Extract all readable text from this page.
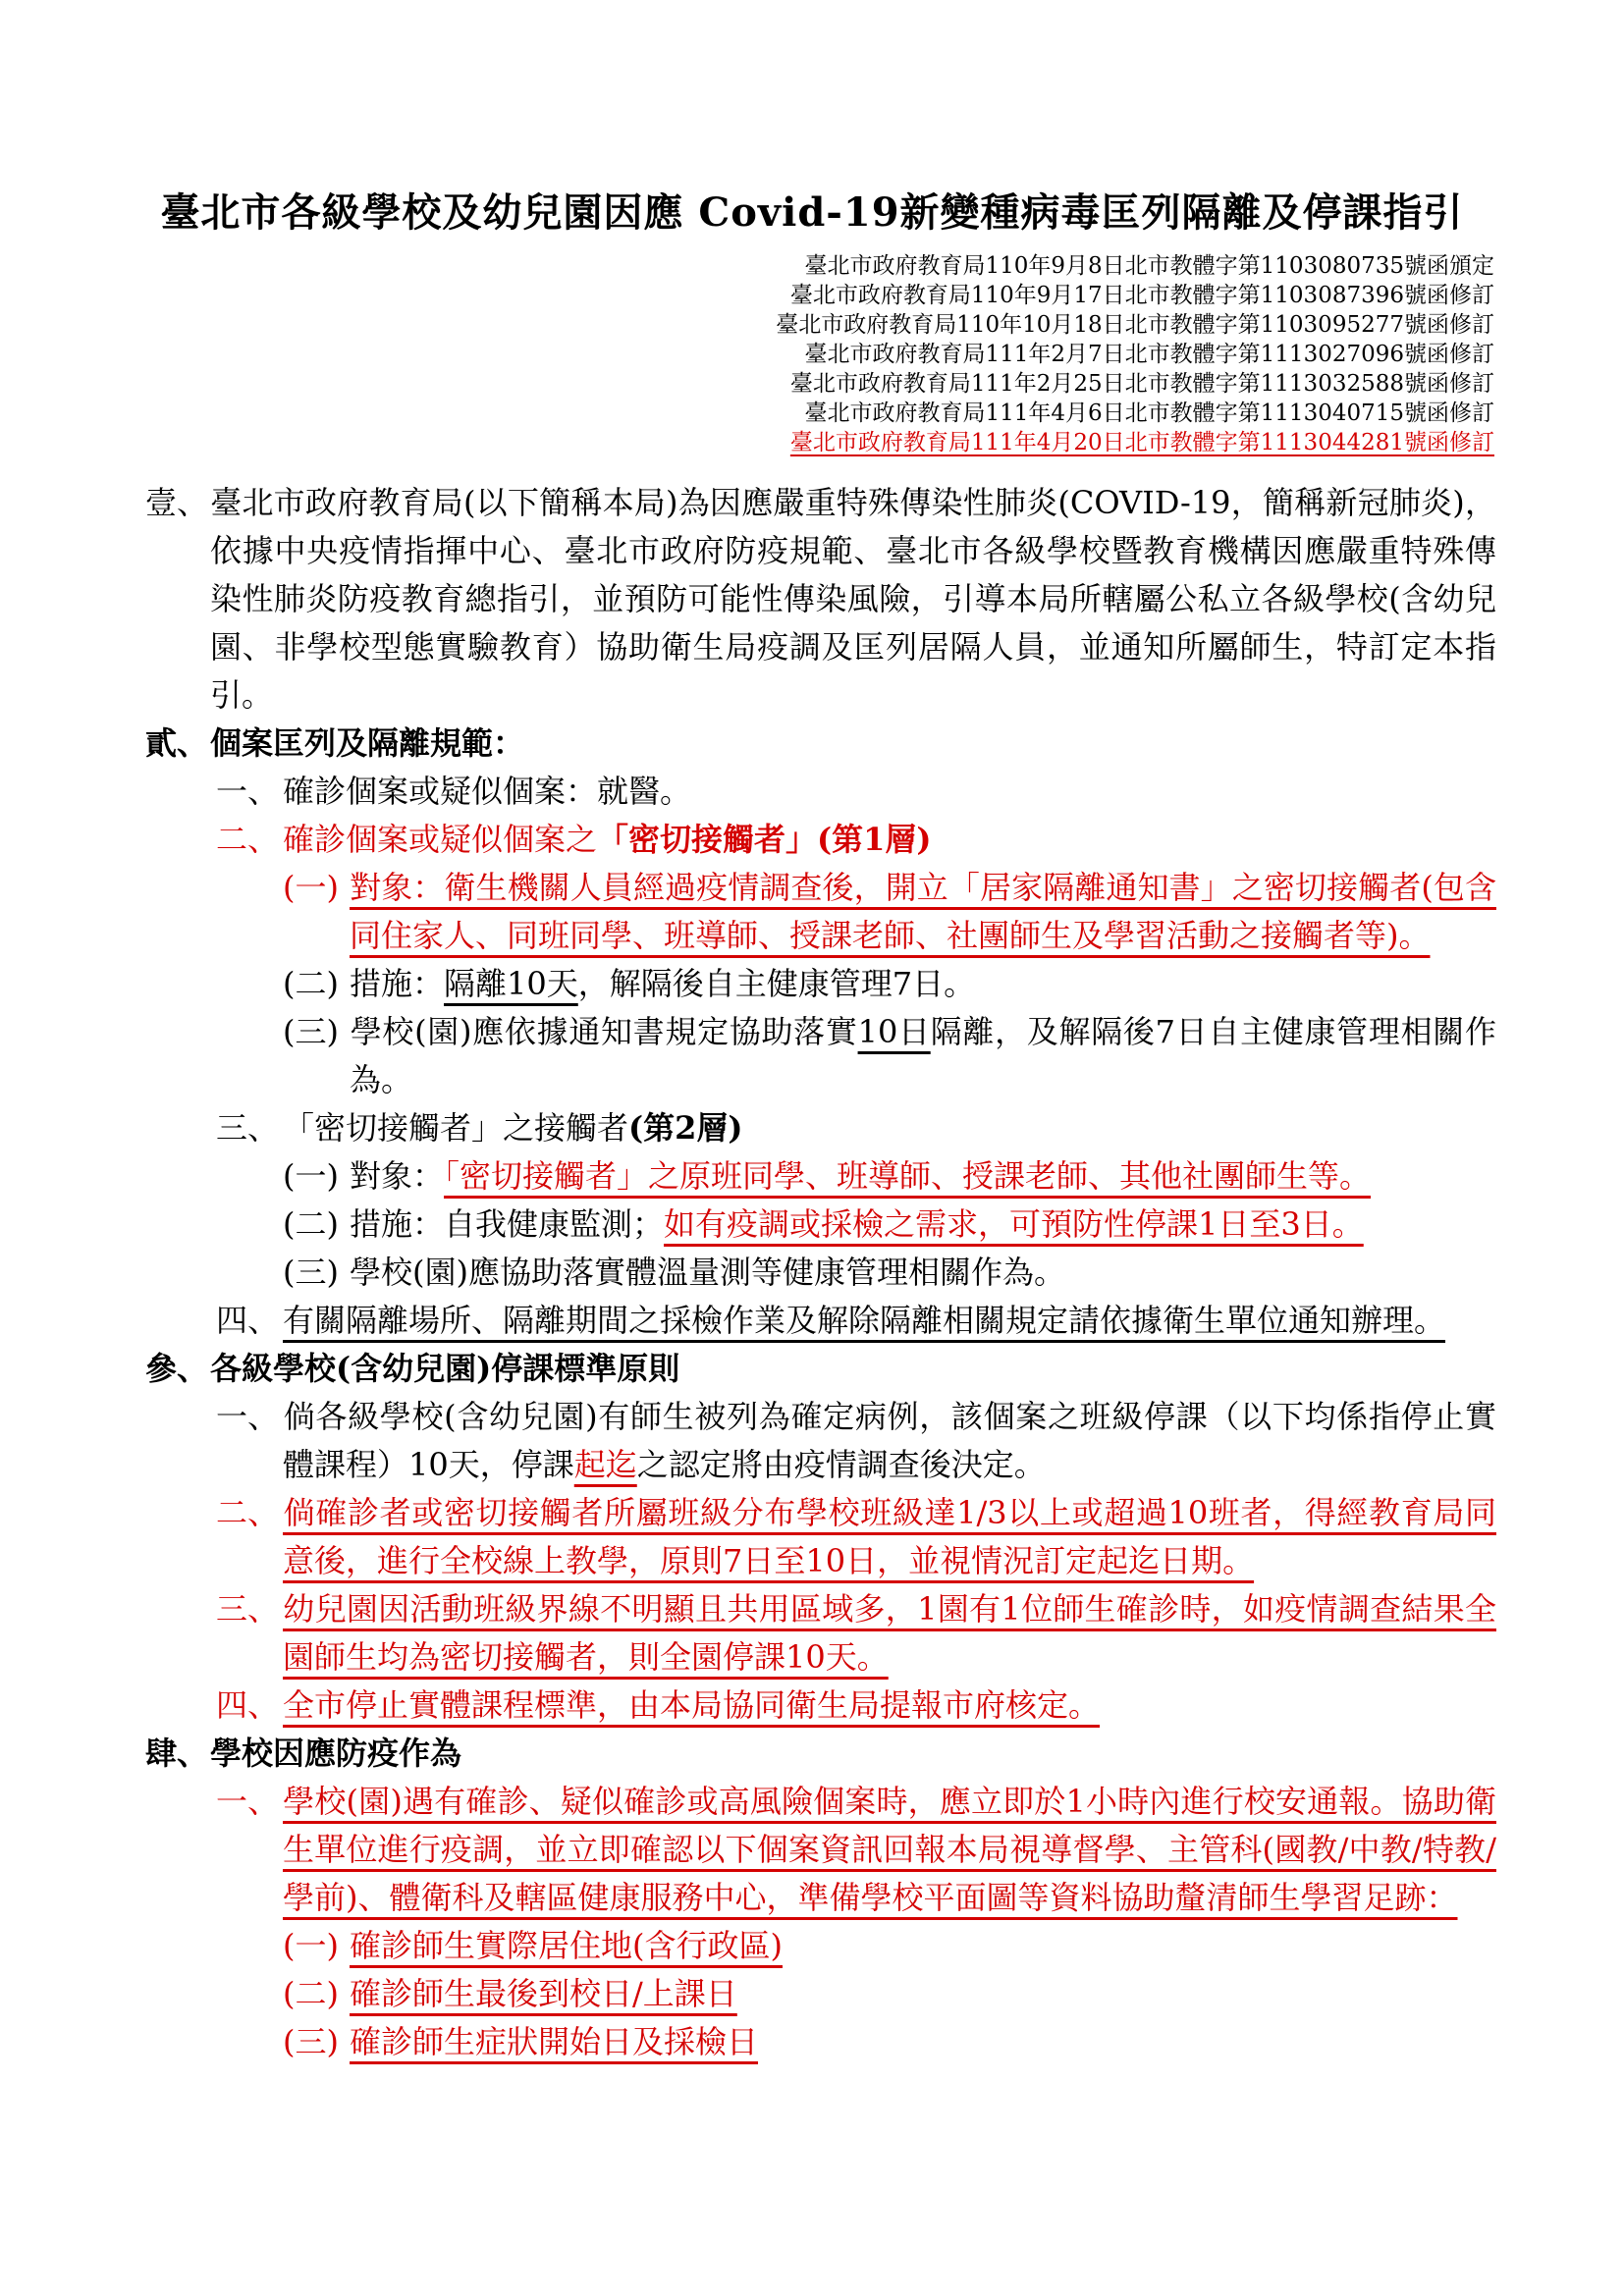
臺北市各級學校及幼兒園因應 Covid-19新變種病毒匡列隔離及停課指引
臺北市政府教育局110年9月8日北市教體字第1103080735號函頒定
臺北市政府教育局110年9月17日北市教體字第1103087396號函修訂
臺北市政府教育局110年10月18日北市教體字第1103095277號函修訂
臺北市政府教育局111年2月7日北市教體字第1113027096號函修訂
臺北市政府教育局111年2月25日北市教體字第1113032588號函修訂
臺北市政府教育局111年4月6日北市教體字第1113040715號函修訂
臺北市政府教育局111年4月20日北市教體字第1113044281號函修訂
壹、臺北市政府教育局(以下簡稱本局)為因應嚴重特殊傳染性肺炎(COVID-19，簡稱新冠肺炎)，依據中央疫情指揮中心、臺北市政府防疫規範、臺北市各級學校暨教育機構因應嚴重特殊傳染性肺炎防疫教育總指引，並預防可能性傳染風險，引導本局所轄屬公私立各級學校(含幼兒園、非學校型態實驗教育）協助衛生局疫調及匡列居隔人員，並通知所屬師生，特訂定本指引。
貳、個案匡列及隔離規範：
一、 確診個案或疑似個案：就醫。
二、 確診個案或疑似個案之「密切接觸者」(第1層)
(一) 對象：衛生機關人員經過疫情調查後，開立「居家隔離通知書」之密切接觸者(包含同住家人、同班同學、班導師、授課老師、社團師生及學習活動之接觸者等)。
(二) 措施：隔離10天，解隔後自主健康管理7日。
(三) 學校(園)應依據通知書規定協助落實10日隔離，及解隔後7日自主健康管理相關作為。
三、 「密切接觸者」之接觸者(第2層)
(一) 對象：「密切接觸者」之原班同學、班導師、授課老師、其他社團師生等。
(二) 措施：自我健康監測；如有疫調或採檢之需求，可預防性停課1日至3日。
(三) 學校(園)應協助落實體溫量測等健康管理相關作為。
四、 有關隔離場所、隔離期間之採檢作業及解除隔離相關規定請依據衛生單位通知辦理。
參、各級學校(含幼兒園)停課標準原則
一、 倘各級學校(含幼兒園)有師生被列為確定病例，該個案之班級停課（以下均係指停止實體課程）10天，停課起迄之認定將由疫情調查後決定。
二、 倘確診者或密切接觸者所屬班級分布學校班級達1/3以上或超過10班者，得經教育局同意後，進行全校線上教學，原則7日至10日，並視情況訂定起迄日期。
三、 幼兒園因活動班級界線不明顯且共用區域多，1園有1位師生確診時，如疫情調查結果全園師生均為密切接觸者，則全園停課10天。
四、 全市停止實體課程標準，由本局協同衛生局提報市府核定。
肆、學校因應防疫作為
一、 學校(園)遇有確診、疑似確診或高風險個案時，應立即於1小時內進行校安通報。協助衛生單位進行疫調，並立即確認以下個案資訊回報本局視導督學、主管科(國教/中教/特教/學前)、體衛科及轄區健康服務中心，準備學校平面圖等資料協助釐清師生學習足跡：
(一) 確診師生實際居住地(含行政區)
(二) 確診師生最後到校日/上課日
(三) 確診師生症狀開始日及採檢日
